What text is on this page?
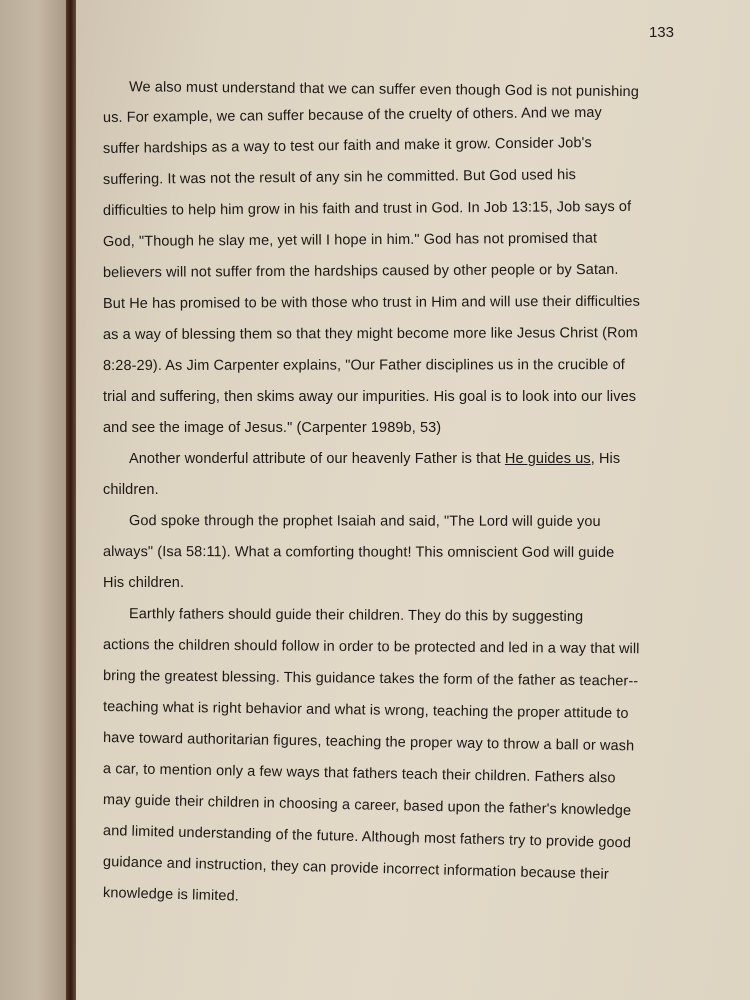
133
We also must understand that we can suffer even though God is not punishing
us. For example, we can suffer because of the cruelty of others. And we may
suffer hardships as a way to test our faith and make it grow. Consider Job's
suffering. It was not the result of any sin he committed. But God used his
difficulties to help him grow in his faith and trust in God. In Job 13:15, Job says of
God, "Though he slay me, yet will I hope in him." God has not promised that
believers will not suffer from the hardships caused by other people or by Satan.
But He has promised to be with those who trust in Him and will use their difficulties
as a way of blessing them so that they might become more like Jesus Christ (Rom
8:28-29). As Jim Carpenter explains, "Our Father disciplines us in the crucible of
trial and suffering, then skims away our impurities. His goal is to look into our lives
and see the image of Jesus." (Carpenter 1989b, 53)
Another wonderful attribute of our heavenly Father is that He guides us, His
children.
God spoke through the prophet Isaiah and said, "The Lord will guide you
always" (Isa 58:11). What a comforting thought! This omniscient God will guide
His children.
Earthly fathers should guide their children. They do this by suggesting
actions the children should follow in order to be protected and led in a way that will
bring the greatest blessing. This guidance takes the form of the father as teacher--
teaching what is right behavior and what is wrong, teaching the proper attitude to
have toward authoritarian figures, teaching the proper way to throw a ball or wash
a car, to mention only a few ways that fathers teach their children. Fathers also
may guide their children in choosing a career, based upon the father's knowledge
and limited understanding of the future. Although most fathers try to provide good
guidance and instruction, they can provide incorrect information because their
knowledge is limited.
